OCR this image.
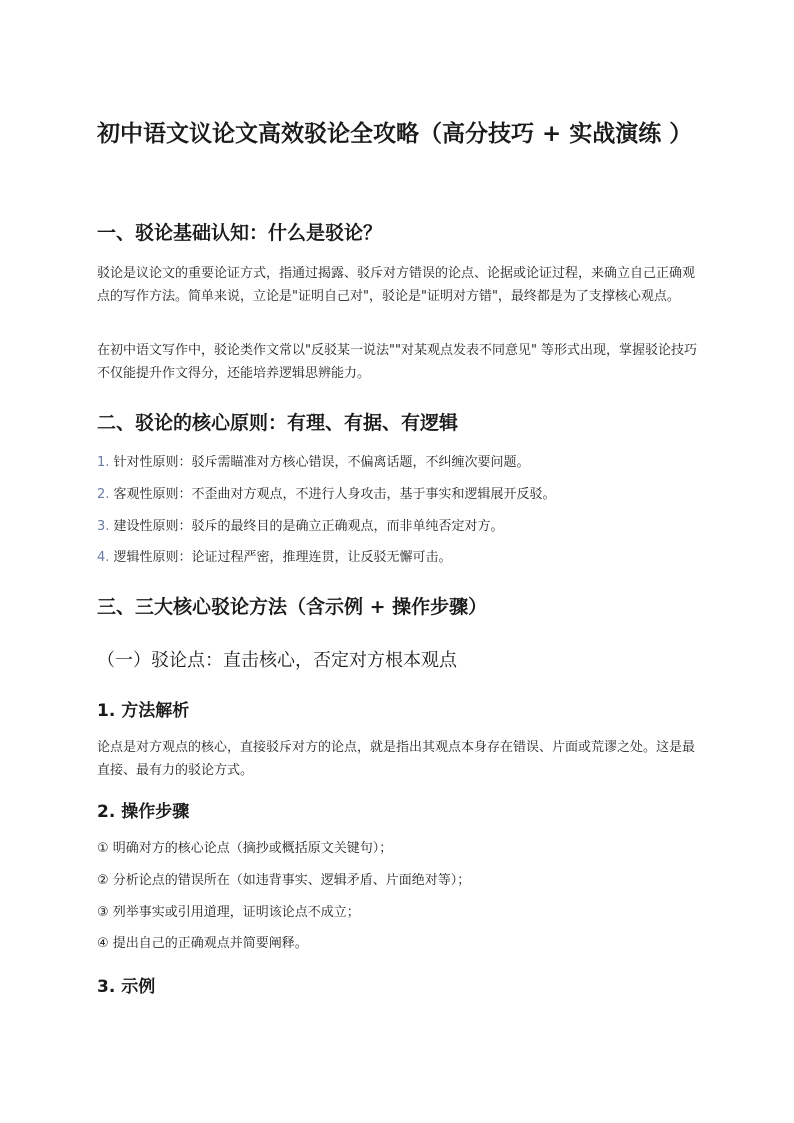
初中语文议论文高效驳论全攻略（高分技巧 + 实战演练 ）
一、驳论基础认知：什么是驳论？

驳论是议论文的重要论证方式，指通过揭露、驳斥对方错误的论点、论据或论证过程，来确立自己正确观点的写作方法。简单来说，立论是"证明自己对"，驳论是"证明对方错"，最终都是为了支撑核心观点。

在初中语文写作中，驳论类作文常以"反驳某一说法""对某观点发表不同意见" 等形式出现，掌握驳论技巧不仅能提升作文得分，还能培养逻辑思辨能力。

二、驳论的核心原则：有理、有据、有逻辑

1. 针对性原则：驳斥需瞄准对方核心错误，不偏离话题，不纠缠次要问题。

2. 客观性原则：不歪曲对方观点，不进行人身攻击，基于事实和逻辑展开反驳。

3. 建设性原则：驳斥的最终目的是确立正确观点，而非单纯否定对方。

4. 逻辑性原则：论证过程严密，推理连贯，让反驳无懈可击。

三、三大核心驳论方法（含示例 + 操作步骤）
（一）驳论点：直击核心，否定对方根本观点
1. 方法解析

论点是对方观点的核心，直接驳斥对方的论点，就是指出其观点本身存在错误、片面或荒谬之处。这是最直接、最有力的驳论方式。

2. 操作步骤

① 明确对方的核心论点（摘抄或概括原文关键句）；

② 分析论点的错误所在（如违背事实、逻辑矛盾、片面绝对等）；

③ 列举事实或引用道理，证明该论点不成立；

④ 提出自己的正确观点并简要阐释。

3. 示例
